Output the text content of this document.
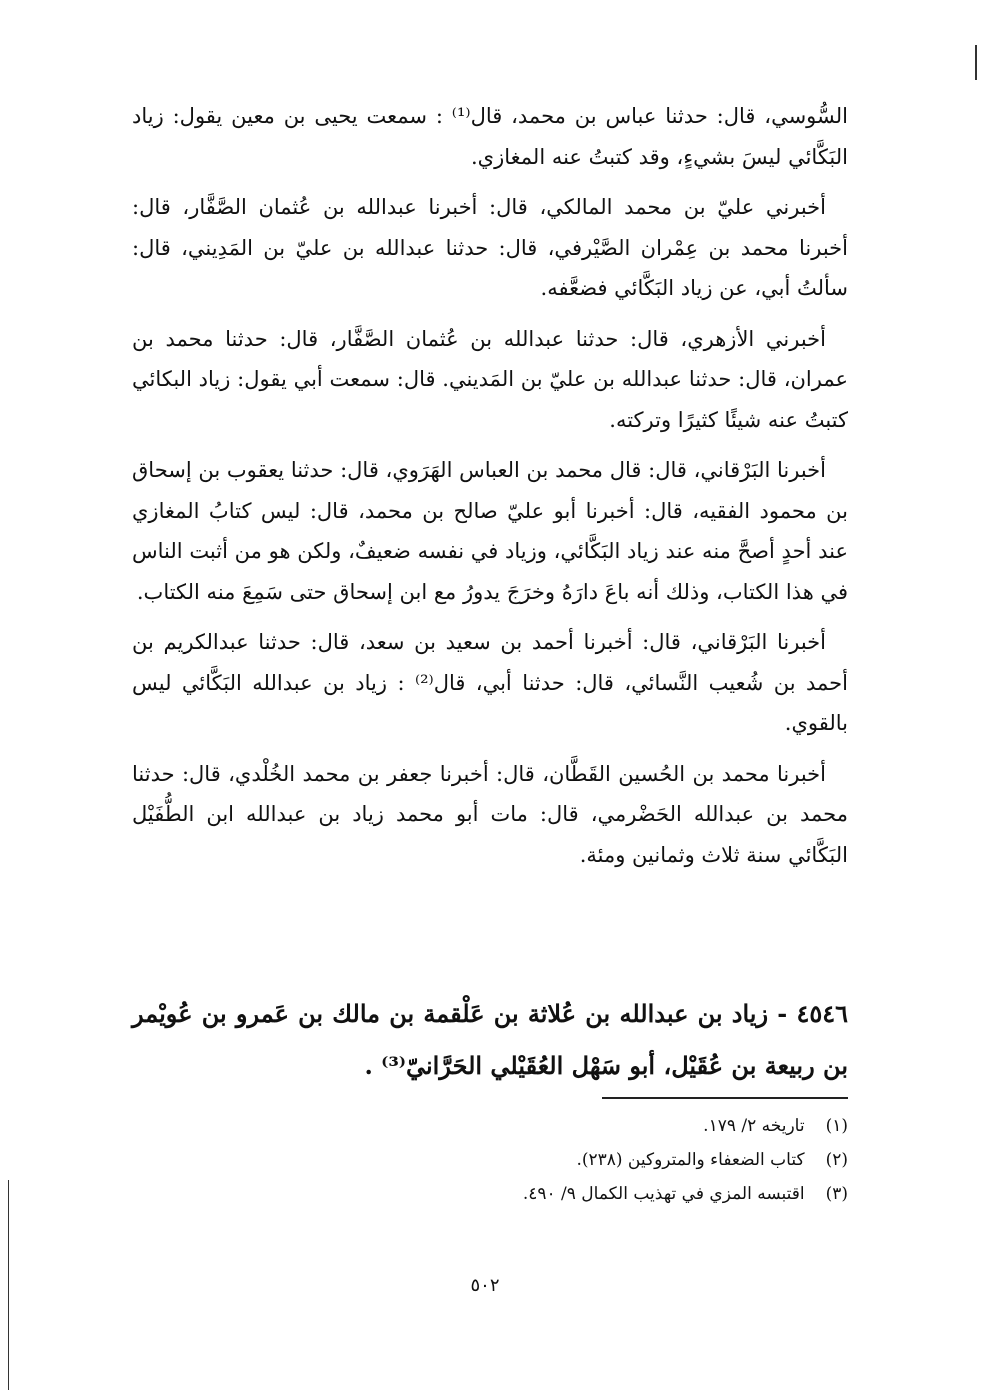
السُّوسي، قال: حدثنا عباس بن محمد، قال⁽¹⁾ : سمعت يحيى بن معين يقول: زياد البَكَّائي ليسَ بشيءٍ، وقد كتبتُ عنه المغازي.

أخبرني عليّ بن محمد المالكي، قال: أخبرنا عبدالله بن عُثمان الصَّفَّار، قال: أخبرنا محمد بن عِمْران الصَّيْرفي، قال: حدثنا عبدالله بن عليّ بن المَدِيني، قال: سألتُ أبي، عن زياد البَكَّائي فضعَّفه.

أخبرني الأزهري، قال: حدثنا عبدالله بن عُثمان الصَّفَّار، قال: حدثنا محمد بن عمران، قال: حدثنا عبدالله بن عليّ بن المَديني. قال: سمعت أبي يقول: زياد البكائي كتبتُ عنه شيئًا كثيرًا وتركته.

أخبرنا البَرْقاني، قال: قال محمد بن العباس الهَرَوي، قال: حدثنا يعقوب بن إسحاق بن محمود الفقيه، قال: أخبرنا أبو عليّ صالح بن محمد، قال: ليس كتابُ المغازي عند أحدٍ أصحَّ منه عند زياد البَكَّائي، وزياد في نفسه ضعيفٌ، ولكن هو من أثبت الناس في هذا الكتاب، وذلك أنه باعَ دارَهُ وخرَجَ يدورُ مع ابن إسحاق حتى سَمِعَ منه الكتاب.

أخبرنا البَرْقاني، قال: أخبرنا أحمد بن سعيد بن سعد، قال: حدثنا عبدالكريم بن أحمد بن شُعيب النَّسائي، قال: حدثنا أبي، قال⁽²⁾ : زياد بن عبدالله البَكَّائي ليس بالقوي.

أخبرنا محمد بن الحُسين القَطَّان، قال: أخبرنا جعفر بن محمد الخُلْدي، قال: حدثنا محمد بن عبدالله الحَضْرمي، قال: مات أبو محمد زياد بن عبدالله ابن الطُّفَيْل البَكَّائي سنة ثلاث وثمانين ومئة.

٤٥٤٦ - زياد بن عبدالله بن عُلاثة بن عَلْقمة بن مالك بن عَمرو بن عُويْمر بن ربيعة بن عُقَيْل، أبو سَهْل العُقَيْلي الحَرَّانيّ⁽³⁾ .
(١) تاريخه ٢/ ١٧٩.
(٢) كتاب الضعفاء والمتروكين (٢٣٨).
(٣) اقتبسه المزي في تهذيب الكمال ٩/ ٤٩٠.
٥٠٢
